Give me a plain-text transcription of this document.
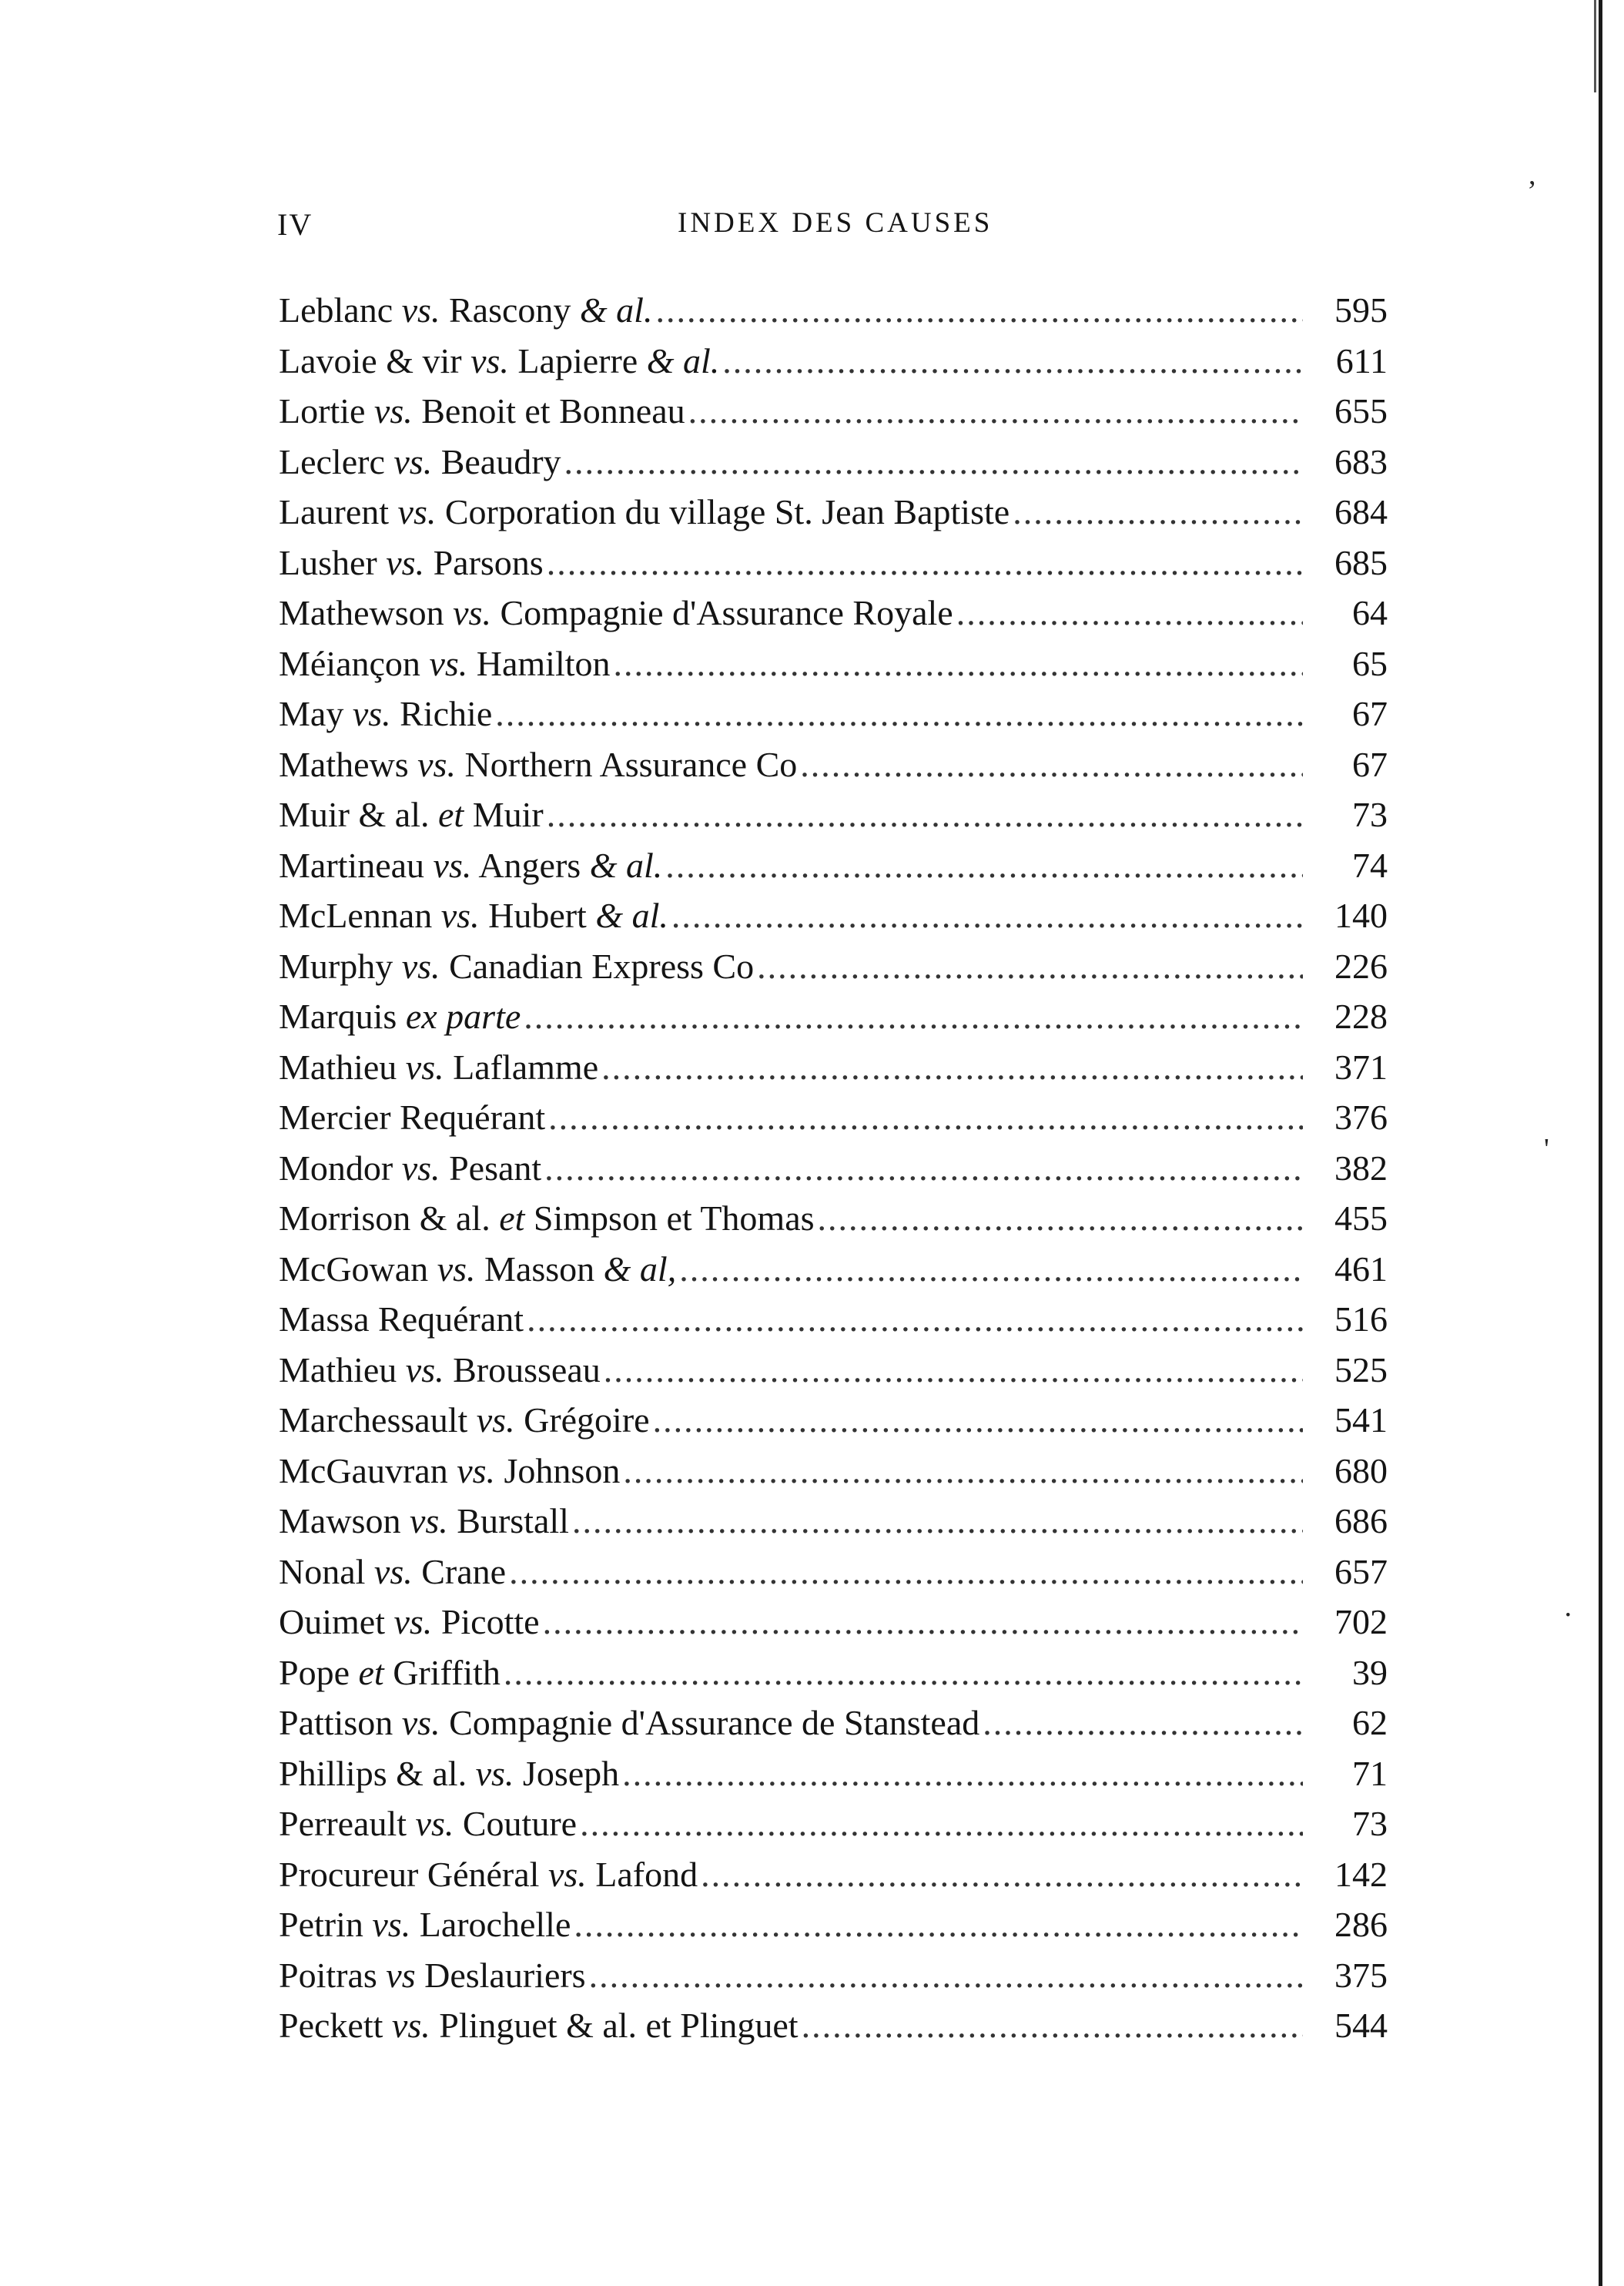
IV	INDEX DES CAUSES
Leblanc vs. Rascony & al. .....	595
Lavoie & vir vs. Lapierre & al. .....	611
Lortie vs. Benoit et Bonneau .....	655
Leclerc vs. Beaudry .....	683
Laurent vs. Corporation du village St. Jean Baptiste .....	684
Lusher vs. Parsons .....	685
Mathewson vs. Compagnie d'Assurance Royale .....	64
Méiançon vs. Hamilton .....	65
May vs. Richie .....	67
Mathews vs. Northern Assurance Co .....	67
Muir & al. et Muir .....	73
Martineau vs. Angers & al. .....	74
McLennan vs. Hubert & al. .....	140
Murphy vs. Canadian Express Co .....	226
Marquis ex parte .....	228
Mathieu vs. Laflamme .....	371
Mercier Requérant .....	376
Mondor vs. Pesant .....	382
Morrison & al. et Simpson et Thomas .....	455
McGowan vs. Masson & al, .....	461
Massa Requérant .....	516
Mathieu vs. Brousseau .....	525
Marchessault vs. Grégoire .....	541
McGauvran vs. Johnson .....	680
Mawson vs. Burstall .....	686
Nonal vs. Crane .....	657
Ouimet vs. Picotte .....	702
Pope et Griffith .....	39
Pattison vs. Compagnie d'Assurance de Stanstead .....	62
Phillips & al. vs. Joseph .....	71
Perreault vs. Couture .....	73
Procureur Général vs. Lafond .....	142
Petrin vs. Larochelle .....	286
Poitras vs Deslauriers .....	375
Peckett vs. Plinguet & al. et Plinguet .....	544
,
'
·
